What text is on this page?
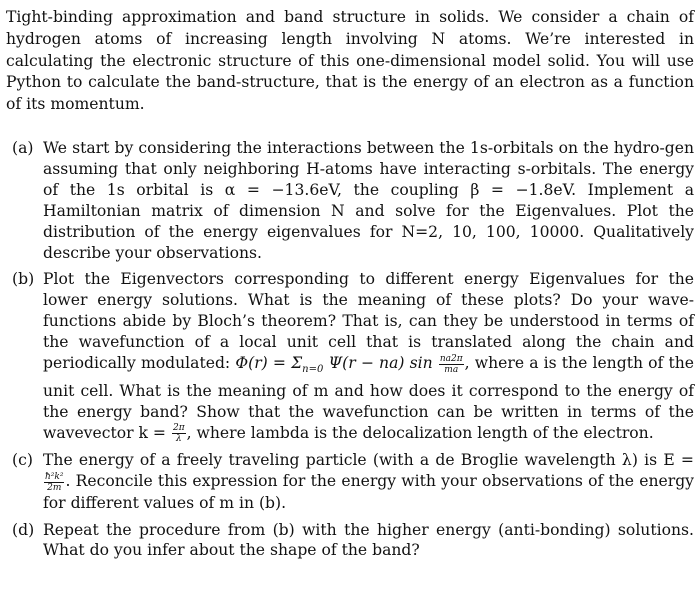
Tight-binding approximation and band structure in solids. We consider a chain of hydrogen atoms of increasing length involving N atoms. We’re interested in calculating the electronic structure of this one-dimensional model solid. You will use Python to calculate the band-structure, that is the energy of an electron as a function of its momentum.

(a) We start by considering the interactions between the 1s-orbitals on the hydro-gen assuming that only neighboring H-atoms have interacting s-orbitals. The energy of the 1s orbital is α = −13.6eV, the coupling β = −1.8eV. Implement a Hamiltonian matrix of dimension N and solve for the Eigenvalues. Plot the distribution of the energy eigenvalues for N=2, 10, 100, 10000. Qualitatively describe your observations.

(b) Plot the Eigenvectors corresponding to different energy Eigenvalues for the lower energy solutions. What is the meaning of these plots? Do your wave-functions abide by Bloch’s theorem? That is, can they be understood in terms of the wavefunction of a local unit cell that is translated along the chain and periodically modulated: $\Phi(r) = \Sigma_{n=0}$ Ψ(r − na) $\sin \frac{na2\pi}{ma}$ , where a is the length of the unit cell. What is the meaning of m and how does it correspond to the energy of the energy band? Show that the wavefunction can be written in terms of the wavevector $k = \frac{2\pi}{\lambda}$ , where lambda is the delocalization length of the electron.

(c) The energy of a freely traveling particle (with a de Broglie wavelength λ) is E =
$\frac{\text{ħ²k²}}{2m}$ . Reconcile this expression for the energy with your observations of the energy for different values of m in (b).

(d) Repeat the procedure from (b) with the higher energy (anti-bonding) solutions. What do you infer about the shape of the band?
